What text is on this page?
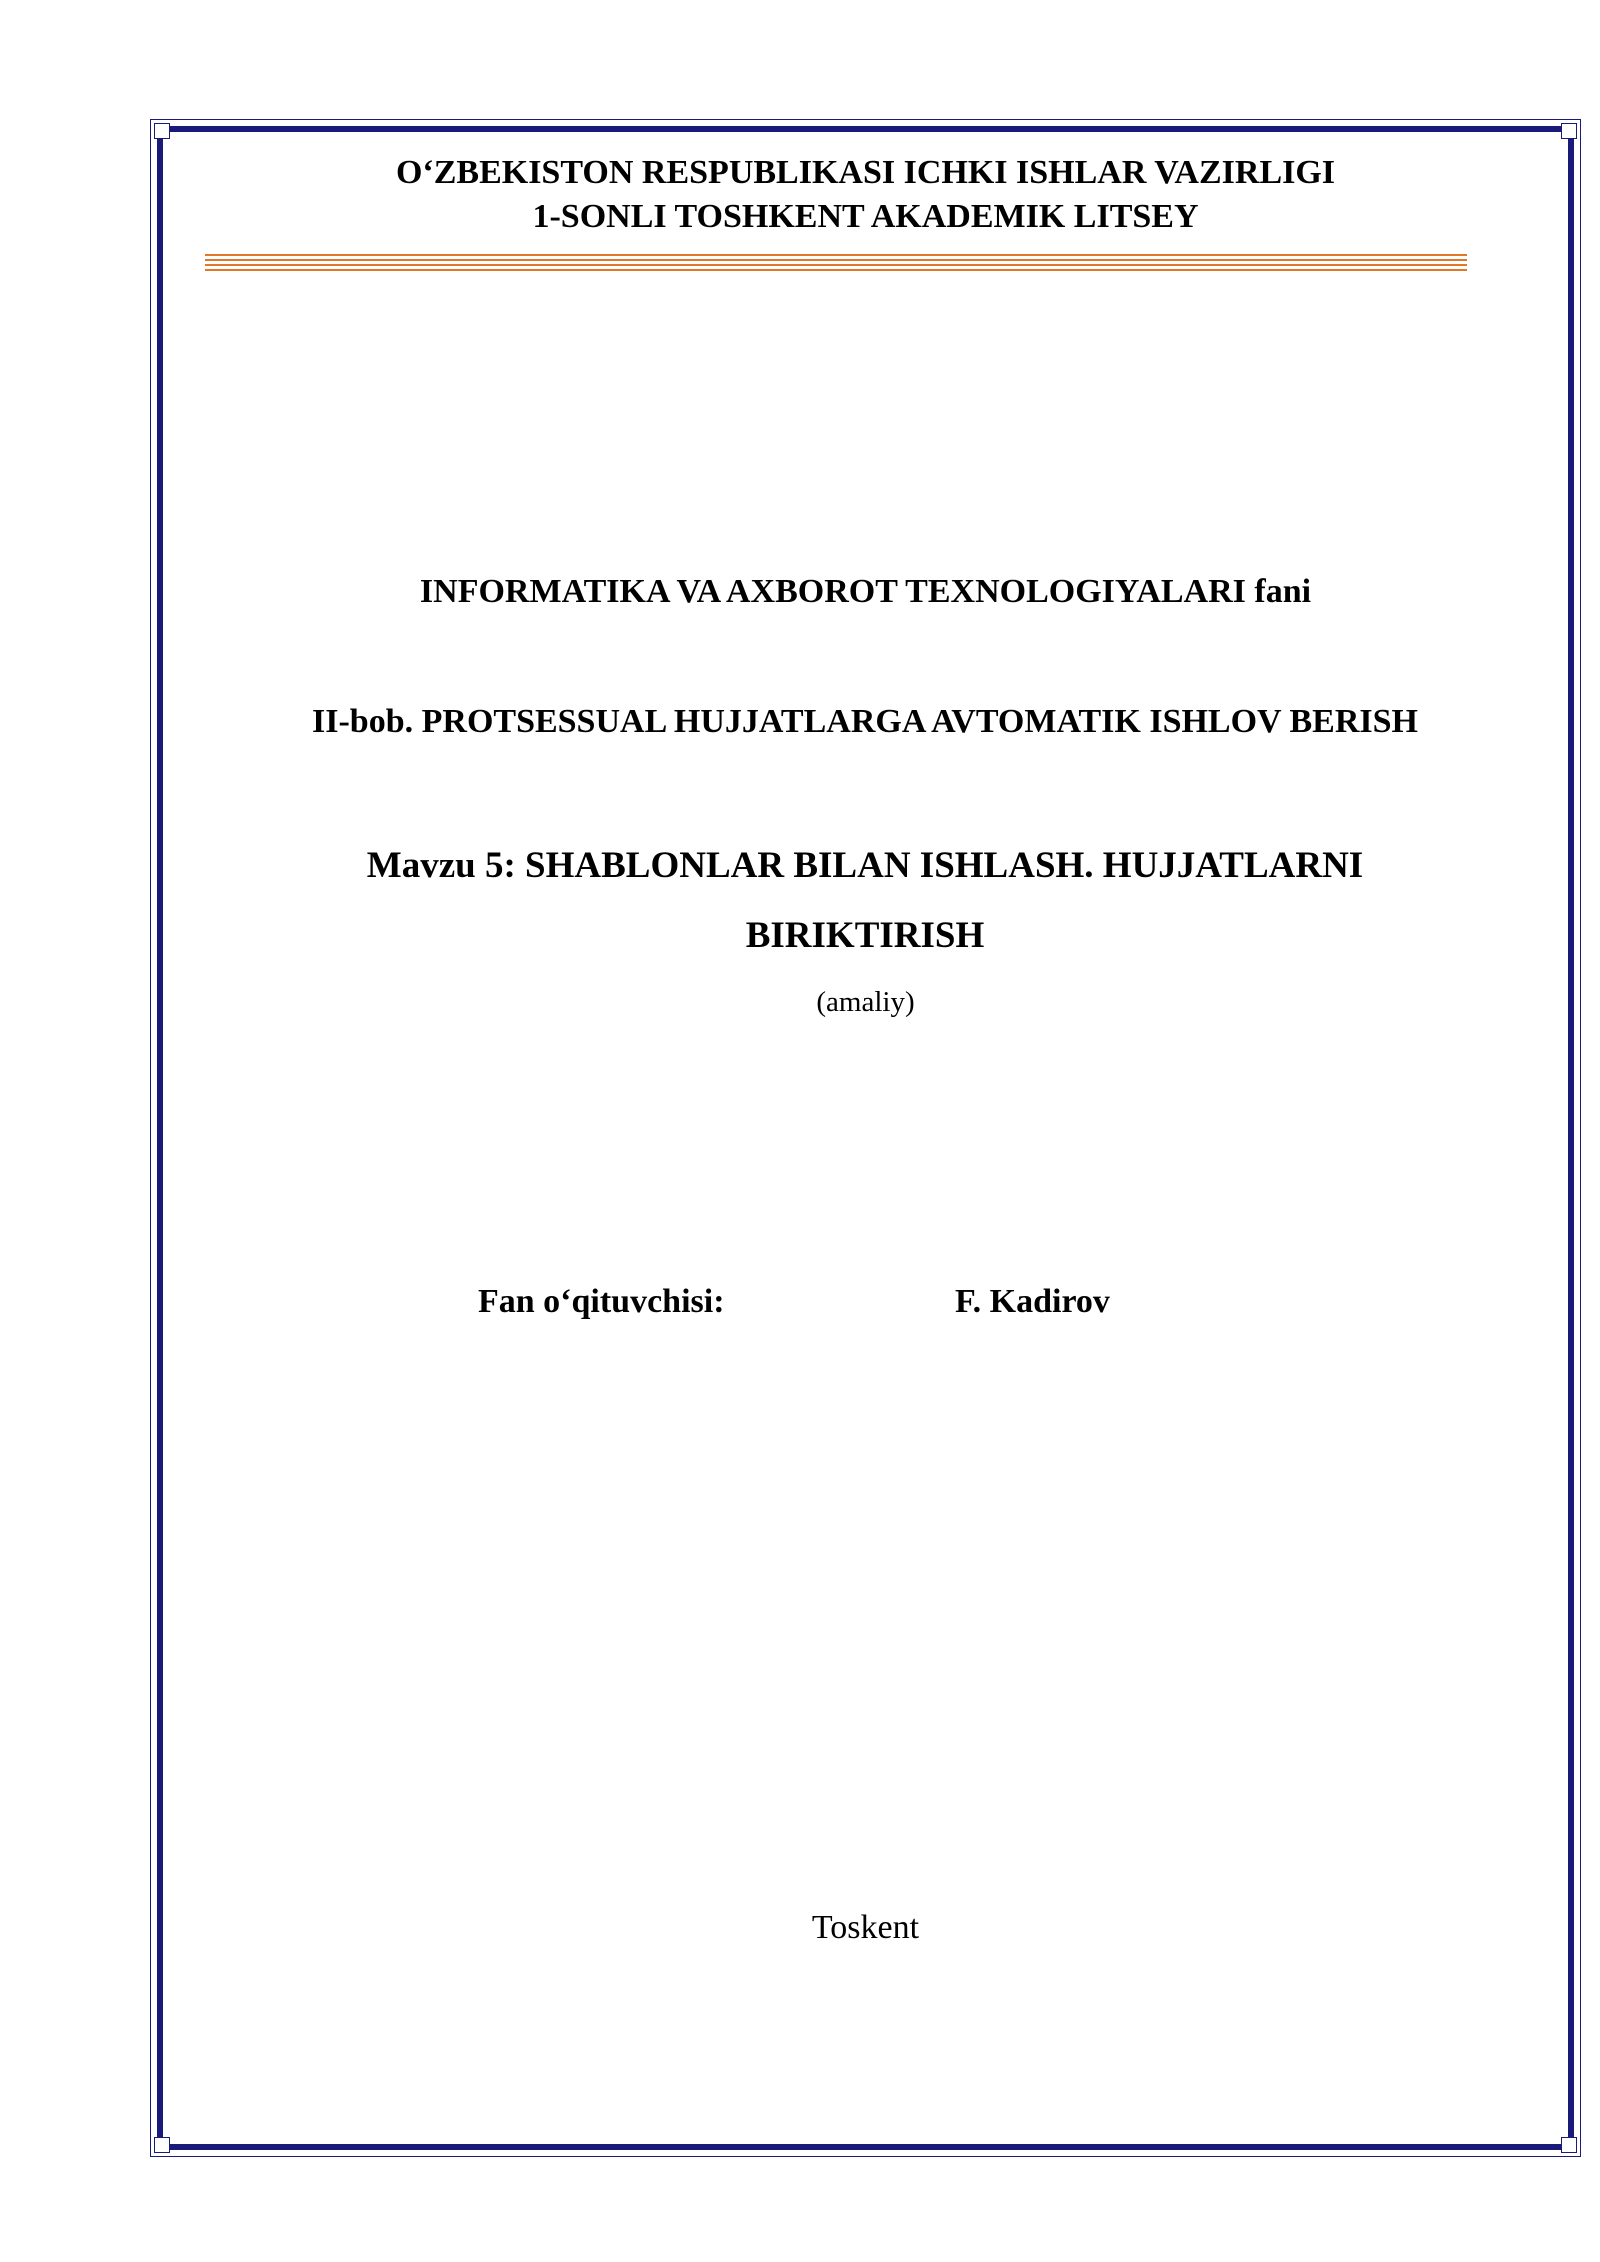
O‘ZBEKISTON RESPUBLIKASI ICHKI ISHLAR VAZIRLIGI
1-SONLI TOSHKENT AKADEMIK LITSEY
INFORMATIKA VA AXBOROT TEXNOLOGIYALARI fani
II-bob. PROTSESSUAL HUJJATLARGA AVTOMATIK ISHLOV BERISH
Mavzu 5: SHABLONLAR BILAN ISHLASH. HUJJATLARNI
BIRIKTIRISH
(amaliy)
Fan o‘qituvchisi:	F. Kadirov
Toskent
